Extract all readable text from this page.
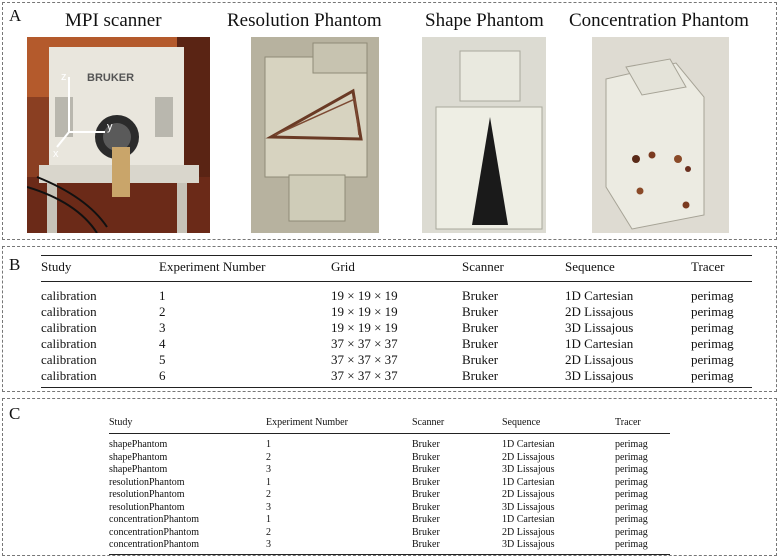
A MPI scanner
z
x
y
BRUKER
Resolution Phantom Shape Phantom Concentration Phantom
B Study	Experiment Number	Grid	Scanner	Sequence	Tracer
calibration	1	19 × 19 × 19	Bruker	1D Cartesian	perimag
calibration	2	19 × 19 × 19	Bruker	2D Lissajous	perimag
calibration	3	19 × 19 × 19	Bruker	3D Lissajous	perimag
calibration	4	37 × 37 × 37	Bruker	1D Cartesian	perimag
calibration	5	37 × 37 × 37	Bruker	2D Lissajous	perimag
calibration	6	37 × 37 × 37	Bruker	3D Lissajous	perimag
C	Study	Experiment Number	Scanner	Sequence	Tracer
shapePhantom	1	Bruker	1D Cartesian	perimag
shapePhantom	2	Bruker	2D Lissajous	perimag
shapePhantom	3	Bruker	3D Lissajous	perimag
resolutionPhantom	1	Bruker	1D Cartesian	perimag
resolutionPhantom	2	Bruker	2D Lissajous	perimag
resolutionPhantom	3	Bruker	3D Lissajous	perimag
concentrationPhantom	1	Bruker	1D Cartesian	perimag
concentrationPhantom	2	Bruker	2D Lissajous	perimag
concentrationPhantom	3	Bruker	3D Lissajous	perimag
